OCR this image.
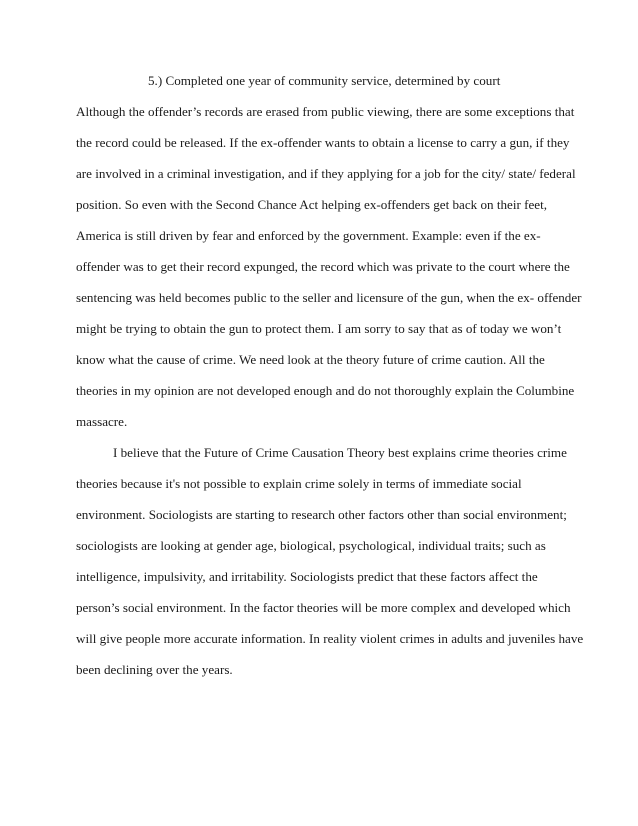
5.) Completed one year of community service, determined by court
Although the offender’s records are erased from public viewing, there are some exceptions that
the record could be released. If the ex-offender wants to obtain a license to carry a gun, if they
are involved in a criminal investigation, and if they applying for a job for the city/ state/ federal
position. So even with the Second Chance Act helping ex-offenders get back on their feet,
America is still driven by fear and enforced by the government. Example: even if the ex-
offender was to get their record expunged, the record which was private to the court where the
sentencing was held becomes public to the seller and licensure of the gun, when the ex- offender
might be trying to obtain the gun to protect them. I am sorry to say that as of today we won’t
know what the cause of crime. We need look at the theory future of crime caution. All the
theories in my opinion are not developed enough and do not thoroughly explain the Columbine
massacre.
I believe that the Future of Crime Causation Theory best explains crime theories crime
theories because it's not possible to explain crime solely in terms of immediate social
environment. Sociologists are starting to research other factors other than social environment;
sociologists are looking at gender age, biological, psychological, individual traits; such as
intelligence, impulsivity, and irritability. Sociologists predict that these factors affect the
person’s social environment. In the factor theories will be more complex and developed which
will give people more accurate information. In reality violent crimes in adults and juveniles have
been declining over the years.
